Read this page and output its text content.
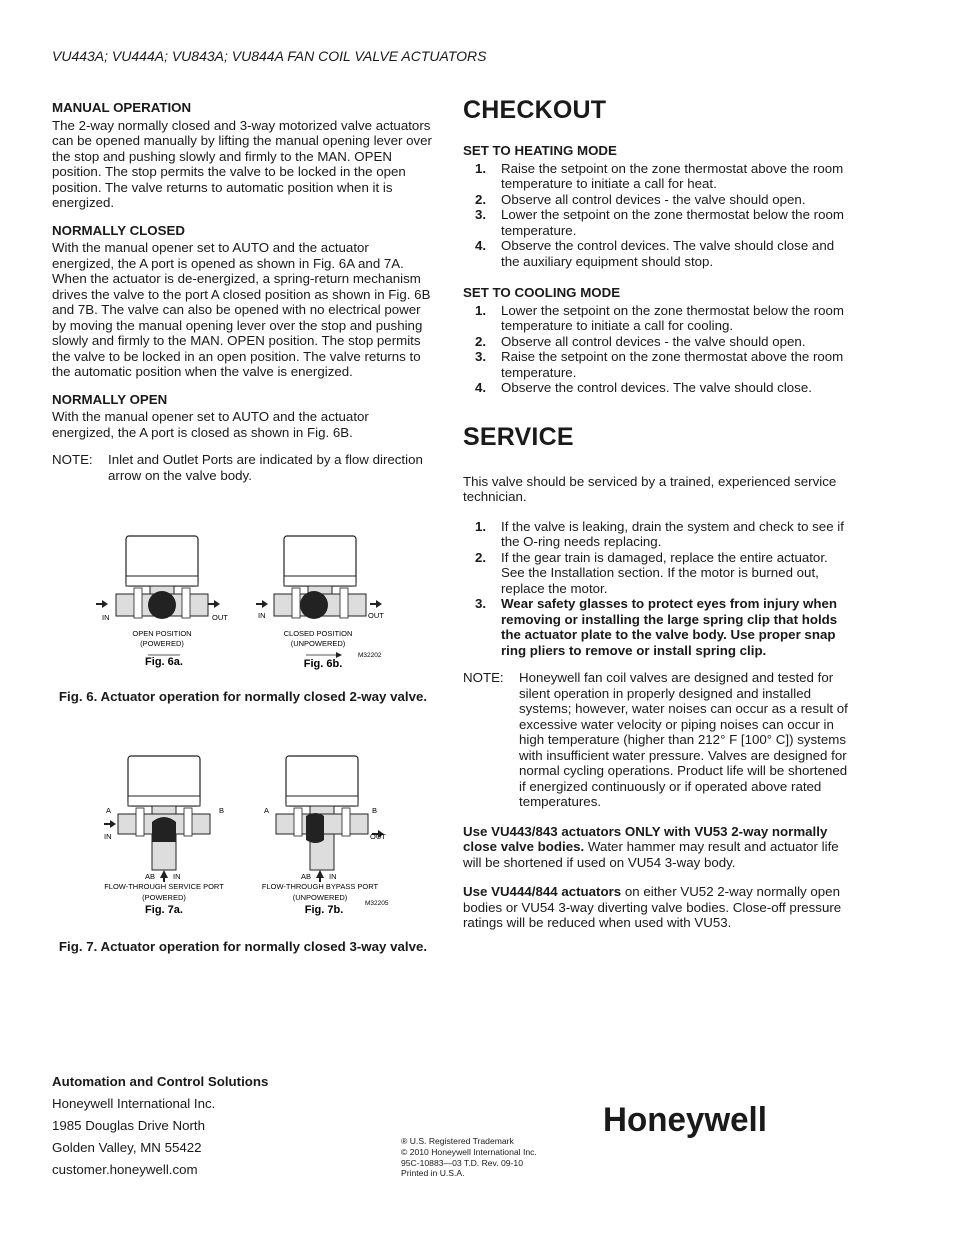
VU443A; VU444A; VU843A; VU844A FAN COIL VALVE ACTUATORS
MANUAL OPERATION

The 2-way normally closed and 3-way motorized valve actuators can be opened manually by lifting the manual opening lever over the stop and pushing slowly and firmly to the MAN. OPEN position. The stop permits the valve to be locked in the open position. The valve returns to automatic position when it is energized.

NORMALLY CLOSED

With the manual opener set to AUTO and the actuator energized, the A port is opened as shown in Fig. 6A and 7A. When the actuator is de-energized, a spring-return mechanism drives the valve to the port A closed position as shown in Fig. 6B and 7B. The valve can also be opened with no electrical power by moving the manual opening lever over the stop and pushing slowly and firmly to the MAN. OPEN position. The stop permits the valve to be locked in an open position. The valve returns to the automatic position when the valve is energized.

NORMALLY OPEN

With the manual opener set to AUTO and the actuator energized, the A port is closed as shown in Fig. 6B.

NOTE:	Inlet and Outlet Ports are indicated by a flow direction arrow on the valve body.
IN	OUT
OPEN POSITION
(POWERED)
Fig. 6a.
IN	OUT
CLOSED POSITION
(UNPOWERED)
Fig. 6b.
M32202
Fig. 6. Actuator operation for normally closed 2-way valve.
A	B
IN
AB IN
FLOW-THROUGH SERVICE PORT
(POWERED)
Fig. 7a.
A	B
OUT
AB IN
FLOW-THROUGH BYPASS PORT
(UNPOWERED)
Fig. 7b.
M32205
Fig. 7. Actuator operation for normally closed 3-way valve.
CHECKOUT
SET TO HEATING MODE
1.	Raise the setpoint on the zone thermostat above the room temperature to initiate a call for heat.
2.	Observe all control devices - the valve should open.
3.	Lower the setpoint on the zone thermostat below the room temperature.
4.	Observe the control devices. The valve should close and the auxiliary equipment should stop.
SET TO COOLING MODE
1.	Lower the setpoint on the zone thermostat below the room temperature to initiate a call for cooling.
2.	Observe all control devices - the valve should open.
3.	Raise the setpoint on the zone thermostat above the room temperature.
4.	Observe the control devices. The valve should close.
SERVICE

This valve should be serviced by a trained, experienced service technician.

1.	If the valve is leaking, drain the system and check to see if the O-ring needs replacing.
2.	If the gear train is damaged, replace the entire actuator. See the Installation section. If the motor is burned out, replace the motor.
3.	Wear safety glasses to protect eyes from injury when removing or installing the large spring clip that holds the actuator plate to the valve body. Use proper snap ring pliers to remove or install spring clip.
NOTE:	Honeywell fan coil valves are designed and tested for silent operation in properly designed and installed systems; however, water noises can occur as a result of excessive water velocity or piping noises can occur in high temperature (higher than 212° F [100° C]) systems with insufficient water pressure. Valves are designed for normal cycling operations. Product life will be shortened if energized continuously or if operated above rated temperatures.

Use VU443/843 actuators ONLY with VU53 2-way normally close valve bodies. Water hammer may result and actuator life will be shortened if used on VU54 3-way body.

Use VU444/844 actuators on either VU52 2-way normally open bodies or VU54 3-way diverting valve bodies. Close-off pressure ratings will be reduced when used with VU53.

Automation and Control Solutions
Honeywell International Inc.
1985 Douglas Drive North
Golden Valley, MN 55422
customer.honeywell.com
® U.S. Registered Trademark
© 2010 Honeywell International Inc.
95C-10883—03 T.D. Rev. 09-10
Printed in U.S.A.
Honeywell
